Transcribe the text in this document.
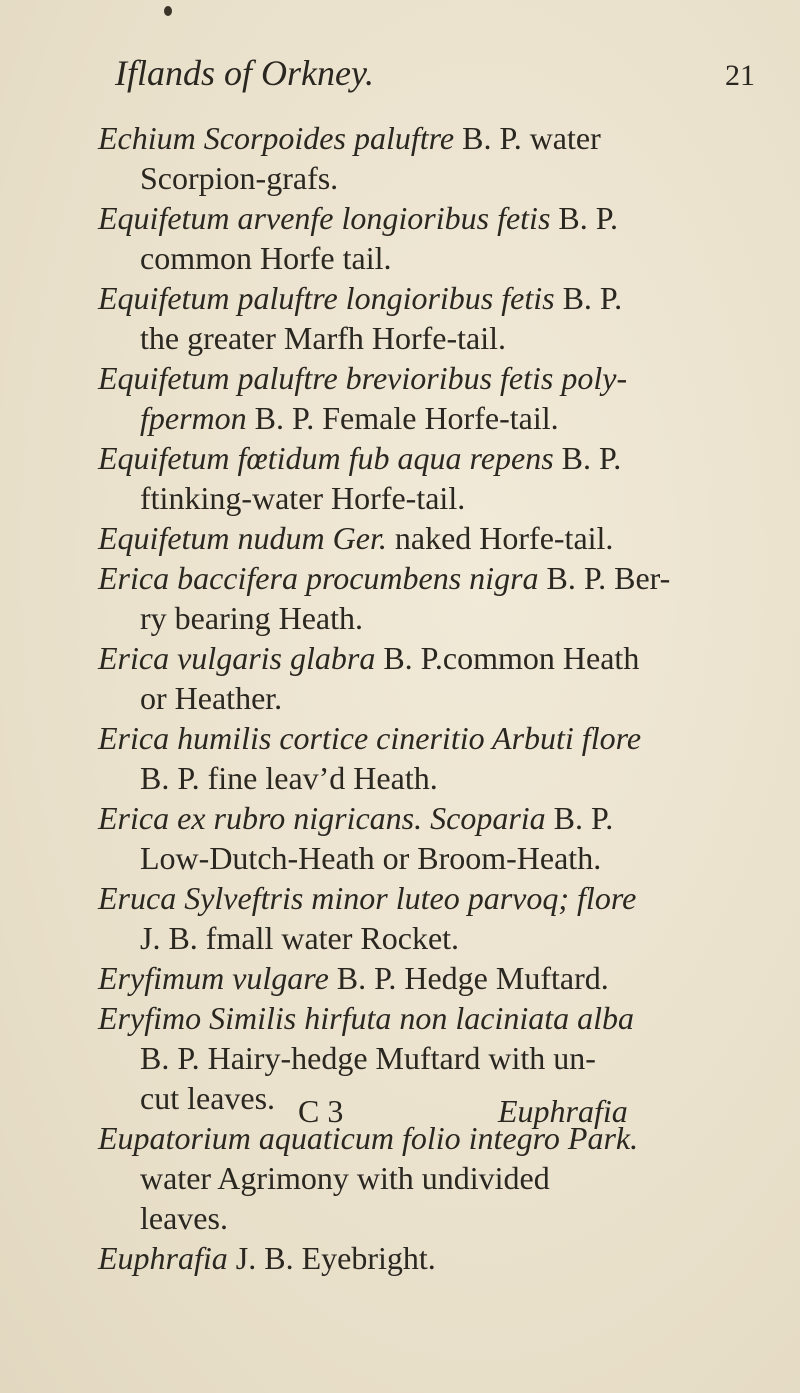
Iflands of Orkney.	21
Echium Scorpoides paluftre B. P. water
Scorpion-grafs.
Equifetum arvenfe longioribus fetis B. P.
common Horfe tail.
Equifetum paluftre longioribus fetis B. P.
the greater Marfh Horfe-tail.
Equifetum paluftre brevioribus fetis poly-
fpermon B. P. Female Horfe-tail.
Equifetum fœtidum fub aqua repens B. P.
ftinking-water Horfe-tail.
Equifetum nudum Ger. naked Horfe-tail.
Erica baccifera procumbens nigra B. P. Ber-
ry bearing Heath.
Erica vulgaris glabra B. P.common Heath
or Heather.
Erica humilis cortice cineritio Arbuti flore
B. P. fine leav’d Heath.
Erica ex rubro nigricans. Scoparia B. P.
Low-Dutch-Heath or Broom-Heath.
Eruca Sylveftris minor luteo parvoq; flore
J. B. fmall water Rocket.
Eryfimum vulgare B. P. Hedge Muftard.
Eryfimo Similis hirfuta non laciniata alba
B. P. Hairy-hedge Muftard with un-
cut leaves.
Eupatorium aquaticum folio integro Park.
water Agrimony with undivided
leaves.
Euphrafia J. B. Eyebright.
C 3	Euphrafia
